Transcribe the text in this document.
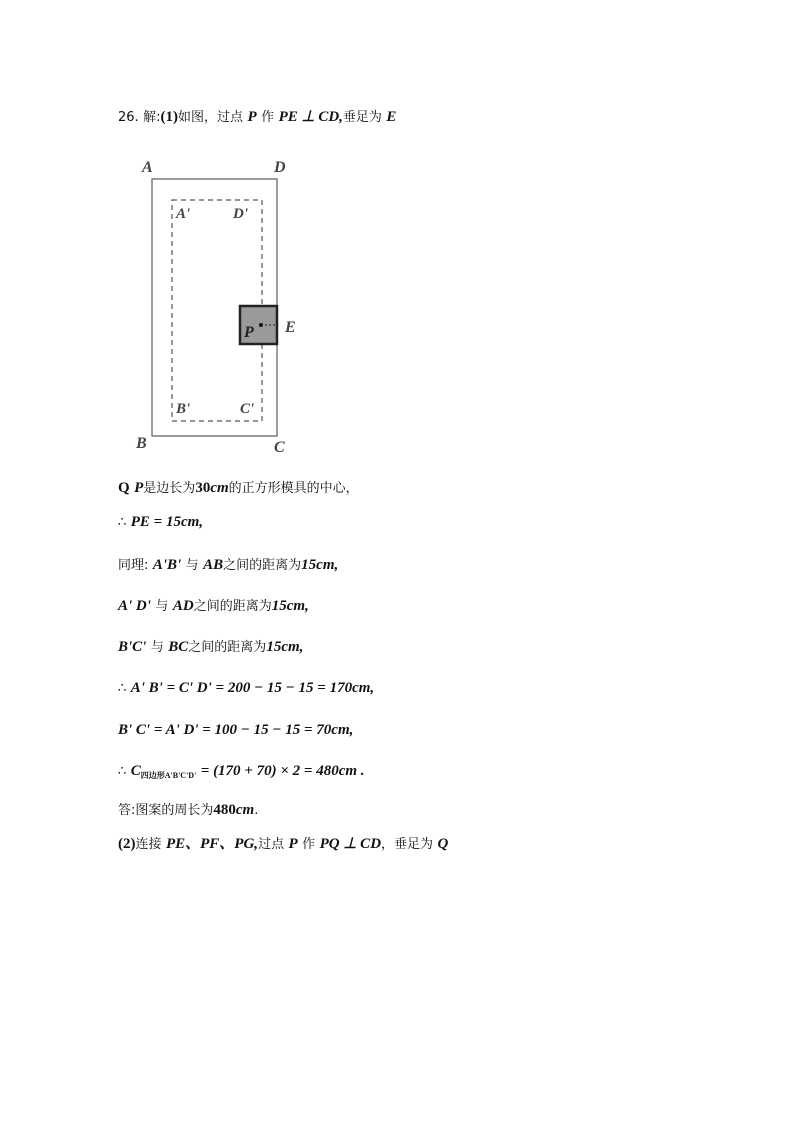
26. 解:(1)如图，过点 P 作 PE ⊥ CD,垂足为 E
A	D
A'	D'
P E
B'	C'
B	C
Q P是边长为30cm的正方形模具的中心，
∴ PE = 15cm,
同理: A'B' 与 AB之间的距离为15cm,
A' D' 与 AD之间的距离为15cm,
B'C' 与 BC之间的距离为15cm,
∴ A' B' = C' D' = 200 − 15 − 15 = 170cm,
B' C' = A' D' = 100 − 15 − 15 = 70cm,
∴ $C_{四边形A'B'C'D'} = (170 + 70) \times 2 = 480cm$ .
答:图案的周长为480cm.
(2)连接 PE、PF、PG,过点 P 作 PQ ⊥ CD，垂足为 Q
